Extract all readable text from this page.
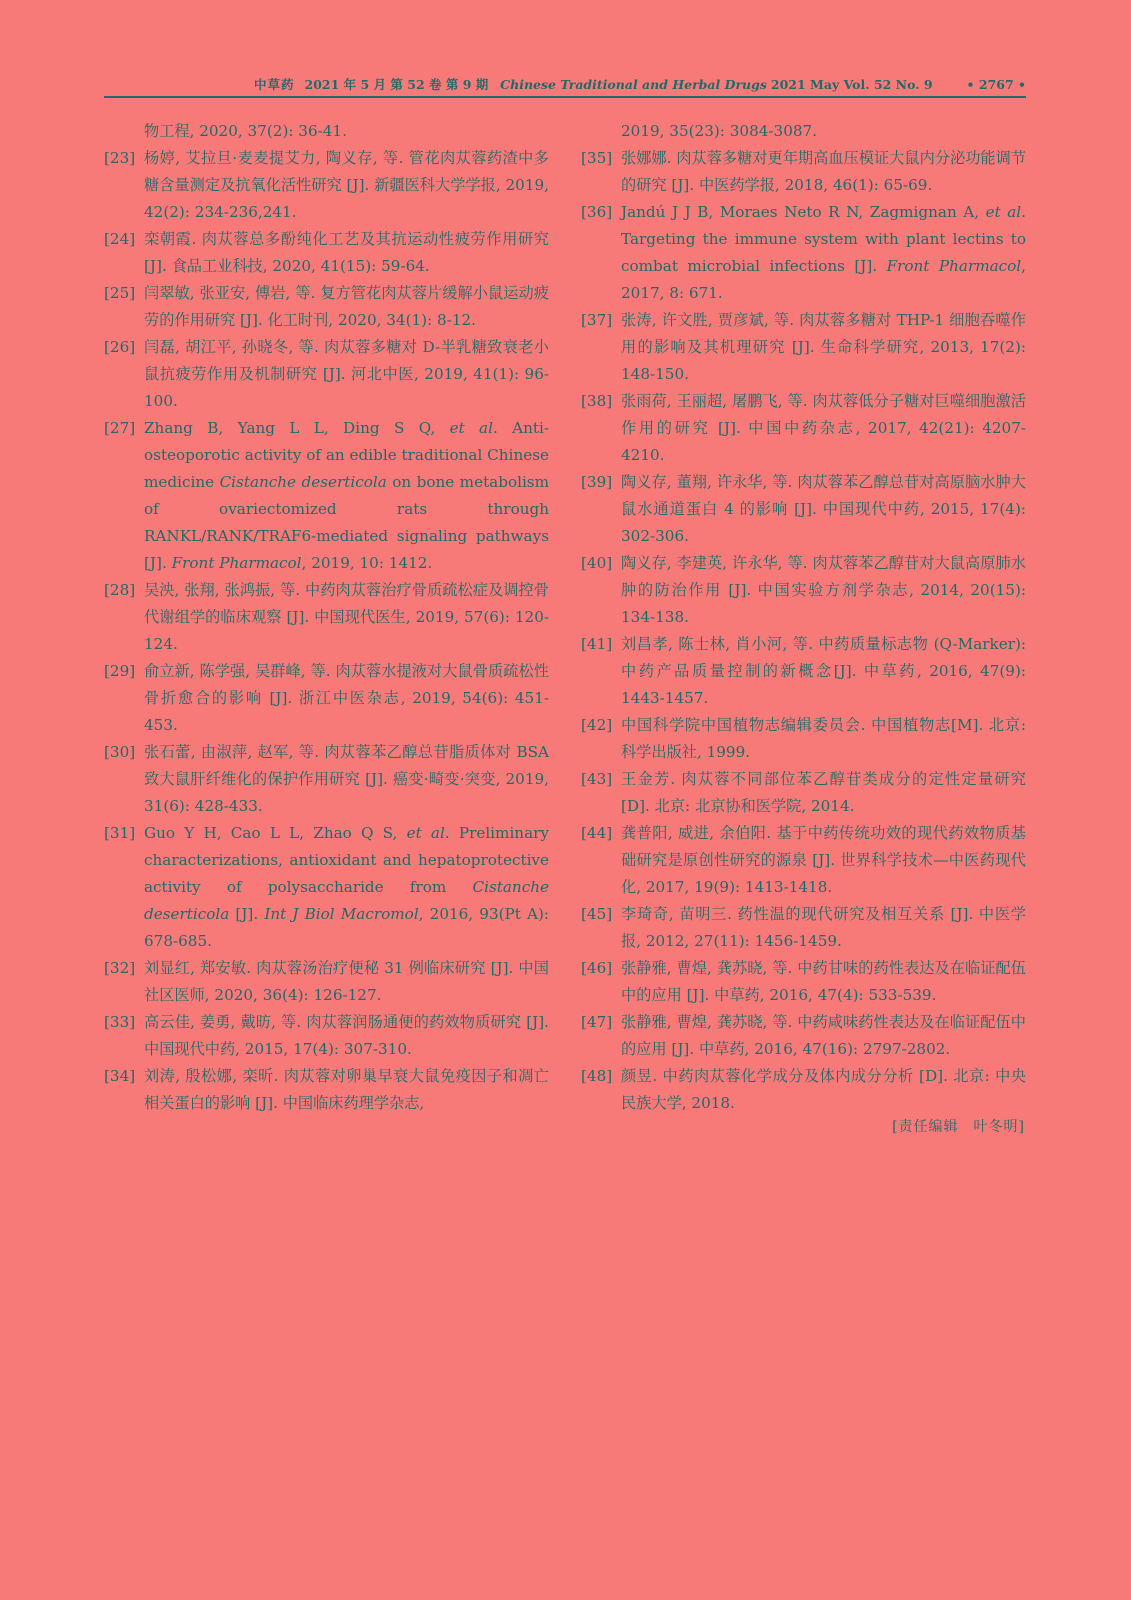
中草药 2021 年 5 月 第 52 卷 第 9 期 Chinese Traditional and Herbal Drugs 2021 May Vol. 52 No. 9	• 2767 •
物工程, 2020, 37(2): 36-41.
[23] 杨婷, 艾拉旦·麦麦提艾力, 陶义存, 等. 管花肉苁蓉药渣中多糖含量测定及抗氧化活性研究 [J]. 新疆医科大学学报, 2019, 42(2): 234-236,241.
[24] 栾朝霞. 肉苁蓉总多酚纯化工艺及其抗运动性疲劳作用研究 [J]. 食品工业科技, 2020, 41(15): 59-64.
[25] 闫翠敏, 张亚安, 傅岩, 等. 复方管花肉苁蓉片缓解小鼠运动疲劳的作用研究 [J]. 化工时刊, 2020, 34(1): 8-12.
[26] 闫磊, 胡江平, 孙晓冬, 等. 肉苁蓉多糖对 D-半乳糖致衰老小鼠抗疲劳作用及机制研究 [J]. 河北中医, 2019, 41(1): 96-100.
[27] Zhang B, Yang L L, Ding S Q, et al. Anti-osteoporotic activity of an edible traditional Chinese medicine Cistanche deserticola on bone metabolism of ovariectomized rats through RANKL/RANK/TRAF6-mediated signaling pathways [J]. Front Pharmacol, 2019, 10: 1412.
[28] 吴泱, 张翔, 张鸿振, 等. 中药肉苁蓉治疗骨质疏松症及调控骨代谢组学的临床观察 [J]. 中国现代医生, 2019, 57(6): 120-124.
[29] 俞立新, 陈学强, 吴群峰, 等. 肉苁蓉水提液对大鼠骨质疏松性骨折愈合的影响 [J]. 浙江中医杂志, 2019, 54(6): 451-453.
[30] 张石蕾, 由淑萍, 赵军, 等. 肉苁蓉苯乙醇总苷脂质体对 BSA 致大鼠肝纤维化的保护作用研究 [J]. 癌变·畸变·突变, 2019, 31(6): 428-433.
[31] Guo Y H, Cao L L, Zhao Q S, et al. Preliminary characterizations, antioxidant and hepatoprotective activity of polysaccharide from Cistanche deserticola [J]. Int J Biol Macromol, 2016, 93(Pt A): 678-685.
[32] 刘显红, 郑安敏. 肉苁蓉汤治疗便秘 31 例临床研究 [J]. 中国社区医师, 2020, 36(4): 126-127.
[33] 高云佳, 姜勇, 戴昉, 等. 肉苁蓉润肠通便的药效物质研究 [J]. 中国现代中药, 2015, 17(4): 307-310.
[34] 刘涛, 殷松娜, 栾昕. 肉苁蓉对卵巢早衰大鼠免疫因子和凋亡相关蛋白的影响 [J]. 中国临床药理学杂志,
2019, 35(23): 3084-3087.
[35] 张娜娜. 肉苁蓉多糖对更年期高血压模证大鼠内分泌功能调节的研究 [J]. 中医药学报, 2018, 46(1): 65-69.
[36] Jandú J J B, Moraes Neto R N, Zagmignan A, et al. Targeting the immune system with plant lectins to combat microbial infections [J]. Front Pharmacol, 2017, 8: 671.
[37] 张涛, 许文胜, 贾彦斌, 等. 肉苁蓉多糖对 THP-1 细胞吞噬作用的影响及其机理研究 [J]. 生命科学研究, 2013, 17(2): 148-150.
[38] 张雨荷, 王丽超, 屠鹏飞, 等. 肉苁蓉低分子糖对巨噬细胞激活作用的研究 [J]. 中国中药杂志, 2017, 42(21): 4207-4210.
[39] 陶义存, 董翔, 许永华, 等. 肉苁蓉苯乙醇总苷对高原脑水肿大鼠水通道蛋白 4 的影响 [J]. 中国现代中药, 2015, 17(4): 302-306.
[40] 陶义存, 李建英, 许永华, 等. 肉苁蓉苯乙醇苷对大鼠高原肺水肿的防治作用 [J]. 中国实验方剂学杂志, 2014, 20(15): 134-138.
[41] 刘昌孝, 陈士林, 肖小河, 等. 中药质量标志物 (Q-Marker): 中药产品质量控制的新概念[J]. 中草药, 2016, 47(9): 1443-1457.
[42] 中国科学院中国植物志编辑委员会. 中国植物志[M]. 北京: 科学出版社, 1999.
[43] 王金芳. 肉苁蓉不同部位苯乙醇苷类成分的定性定量研究 [D]. 北京: 北京协和医学院, 2014.
[44] 龚普阳, 威进, 余伯阳. 基于中药传统功效的现代药效物质基础研究是原创性研究的源泉 [J]. 世界科学技术—中医药现代化, 2017, 19(9): 1413-1418.
[45] 李琦奇, 苗明三. 药性温的现代研究及相互关系 [J]. 中医学报, 2012, 27(11): 1456-1459.
[46] 张静雅, 曹煌, 龚苏晓, 等. 中药甘味的药性表达及在临证配伍中的应用 [J]. 中草药, 2016, 47(4): 533-539.
[47] 张静雅, 曹煌, 龚苏晓, 等. 中药咸味药性表达及在临证配伍中的应用 [J]. 中草药, 2016, 47(16): 2797-2802.
[48] 颜昱. 中药肉苁蓉化学成分及体内成分分析 [D]. 北京: 中央民族大学, 2018.
[责任编辑　叶冬明]
